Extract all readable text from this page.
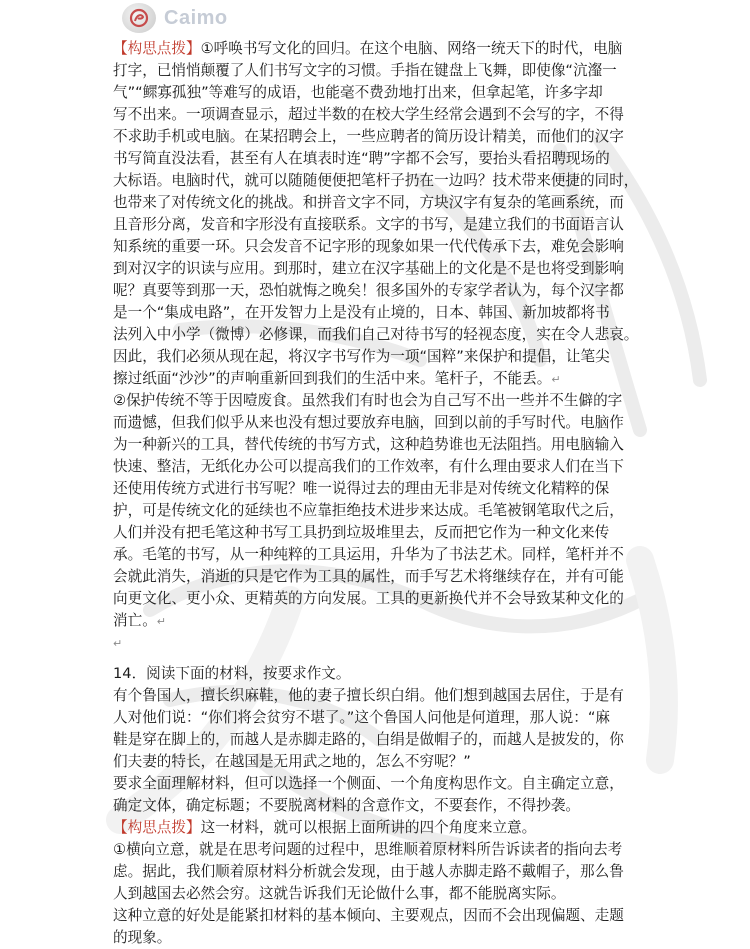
Caimo
【构思点拨】①呼唤书写文化的回归。在这个电脑、网络一统天下的时代，电脑
打字，已悄悄颠覆了人们书写文字的习惯。手指在键盘上飞舞，即使像“沆瀣一
气”“鳏寡孤独”等难写的成语，也能毫不费劲地打出来，但拿起笔，许多字却
写不出来。一项调查显示，超过半数的在校大学生经常会遇到不会写的字，不得
不求助手机或电脑。在某招聘会上，一些应聘者的简历设计精美，而他们的汉字
书写简直没法看，甚至有人在填表时连“聘”字都不会写，要抬头看招聘现场的
大标语。电脑时代，就可以随随便便把笔杆子扔在一边吗？技术带来便捷的同时，
也带来了对传统文化的挑战。和拼音文字不同，方块汉字有复杂的笔画系统，而
且音形分离，发音和字形没有直接联系。文字的书写，是建立我们的书面语言认
知系统的重要一环。只会发音不记字形的现象如果一代代传承下去，难免会影响
到对汉字的识读与应用。到那时，建立在汉字基础上的文化是不是也将受到影响
呢？真要等到那一天，恐怕就悔之晚矣！很多国外的专家学者认为，每个汉字都
是一个“集成电路”，在开发智力上是没有止境的，日本、韩国、新加坡都将书
法列入中小学（微博）必修课，而我们自己对待书写的轻视态度，实在令人悲哀。
因此，我们必须从现在起，将汉字书写作为一项“国粹”来保护和提倡，让笔尖
擦过纸面“沙沙”的声响重新回到我们的生活中来。笔杆子，不能丢。↵
②保护传统不等于因噎废食。虽然我们有时也会为自己写不出一些并不生僻的字
而遗憾，但我们似乎从来也没有想过要放弃电脑，回到以前的手写时代。电脑作
为一种新兴的工具，替代传统的书写方式，这种趋势谁也无法阻挡。用电脑输入
快速、整洁，无纸化办公可以提高我们的工作效率，有什么理由要求人们在当下
还使用传统方式进行书写呢？唯一说得过去的理由无非是对传统文化精粹的保
护，可是传统文化的延续也不应靠拒绝技术进步来达成。毛笔被钢笔取代之后，
人们并没有把毛笔这种书写工具扔到垃圾堆里去，反而把它作为一种文化来传
承。毛笔的书写，从一种纯粹的工具运用，升华为了书法艺术。同样，笔杆并不
会就此消失，消逝的只是它作为工具的属性，而手写艺术将继续存在，并有可能
向更文化、更小众、更精英的方向发展。工具的更新换代并不会导致某种文化的
消亡。↵
↵
14．阅读下面的材料，按要求作文。
有个鲁国人，擅长织麻鞋，他的妻子擅长织白绢。他们想到越国去居住，于是有
人对他们说：“你们将会贫穷不堪了。”这个鲁国人问他是何道理，那人说：“麻
鞋是穿在脚上的，而越人是赤脚走路的，白绢是做帽子的，而越人是披发的，你
们夫妻的特长，在越国是无用武之地的，怎么不穷呢？”
要求全面理解材料，但可以选择一个侧面、一个角度构思作文。自主确定立意，
确定文体，确定标题；不要脱离材料的含意作文，不要套作，不得抄袭。
【构思点拨】这一材料，就可以根据上面所讲的四个角度来立意。
①横向立意，就是在思考问题的过程中，思维顺着原材料所告诉读者的指向去考
虑。据此，我们顺着原材料分析就会发现，由于越人赤脚走路不戴帽子，那么鲁
人到越国去必然会穷。这就告诉我们无论做什么事，都不能脱离实际。
这种立意的好处是能紧扣材料的基本倾向、主要观点，因而不会出现偏题、走题
的现象。
